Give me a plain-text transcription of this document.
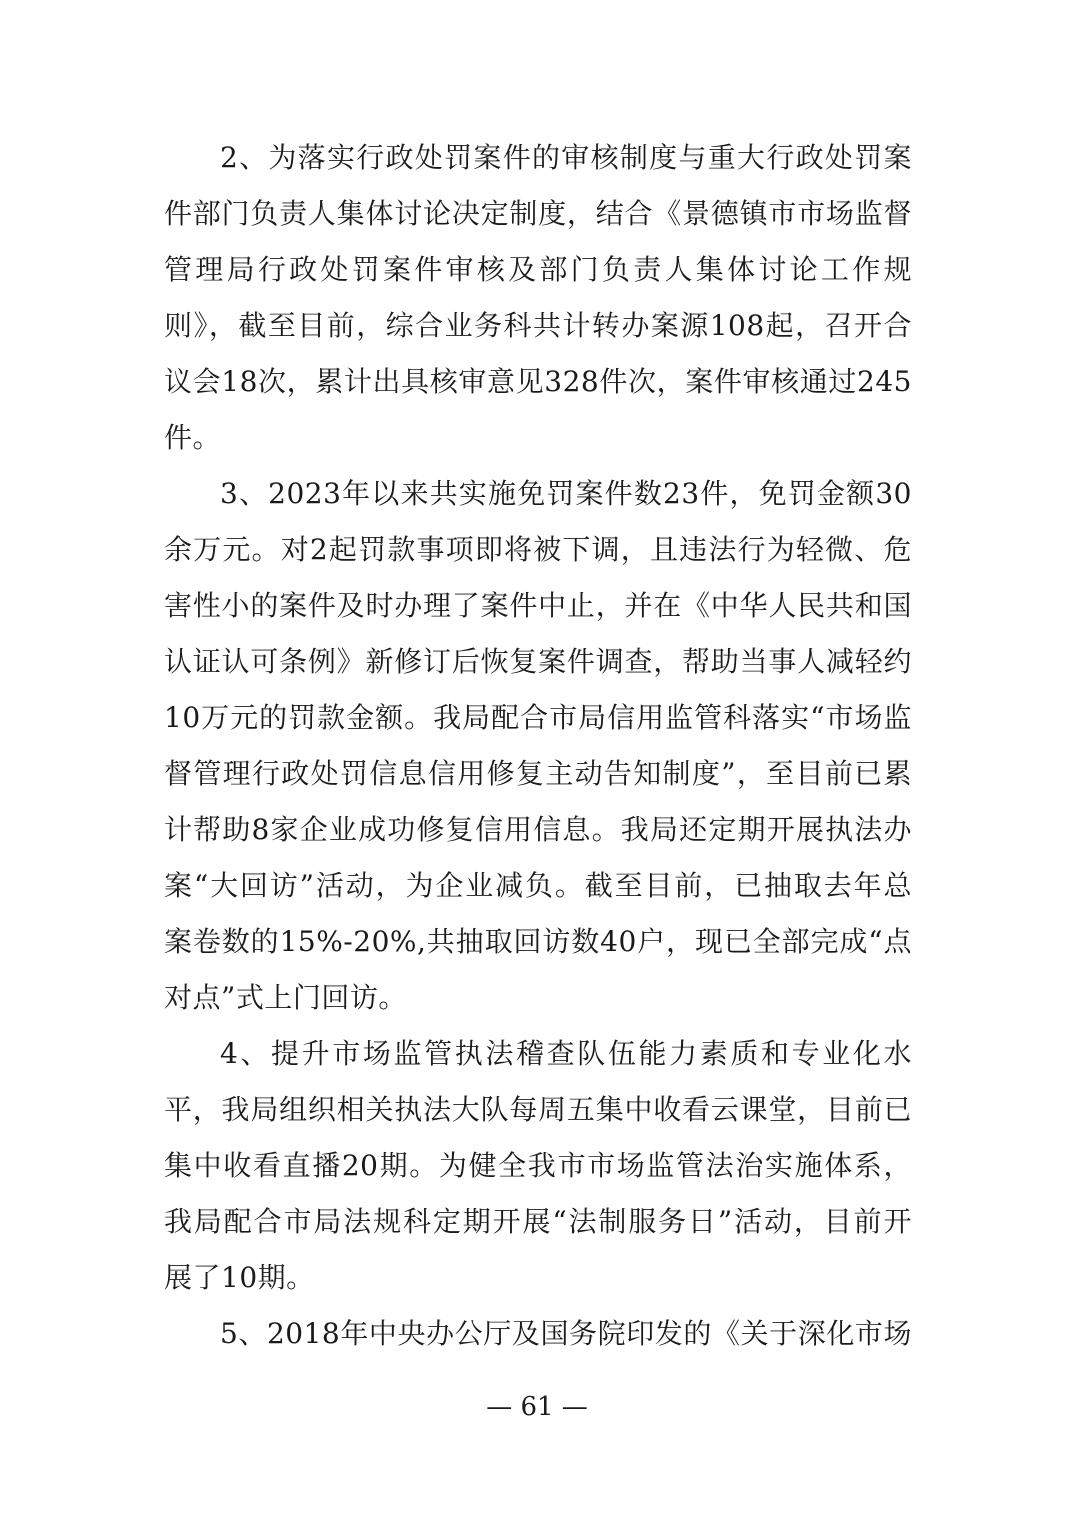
2、为落实行政处罚案件的审核制度与重大行政处罚案
件部门负责人集体讨论决定制度，结合《景德镇市市场监督
管理局行政处罚案件审核及部门负责人集体讨论工作规
则》，截至目前，综合业务科共计转办案源108起，召开合
议会18次，累计出具核审意见328件次，案件审核通过245
件。
3、2023年以来共实施免罚案件数23件，免罚金额30
余万元。对2起罚款事项即将被下调，且违法行为轻微、危
害性小的案件及时办理了案件中止，并在《中华人民共和国
认证认可条例》新修订后恢复案件调查，帮助当事人减轻约
10万元的罚款金额。我局配合市局信用监管科落实“市场监
督管理行政处罚信息信用修复主动告知制度”，至目前已累
计帮助8家企业成功修复信用信息。我局还定期开展执法办
案“大回访”活动，为企业减负。截至目前，已抽取去年总
案卷数的15%-20%,共抽取回访数40户，现已全部完成“点
对点”式上门回访。
4、提升市场监管执法稽查队伍能力素质和专业化水
平，我局组织相关执法大队每周五集中收看云课堂，目前已
集中收看直播20期。为健全我市市场监管法治实施体系，
我局配合市局法规科定期开展“法制服务日”活动，目前开
展了10期。
5、2018年中央办公厅及国务院印发的《关于深化市场
— 61 —
